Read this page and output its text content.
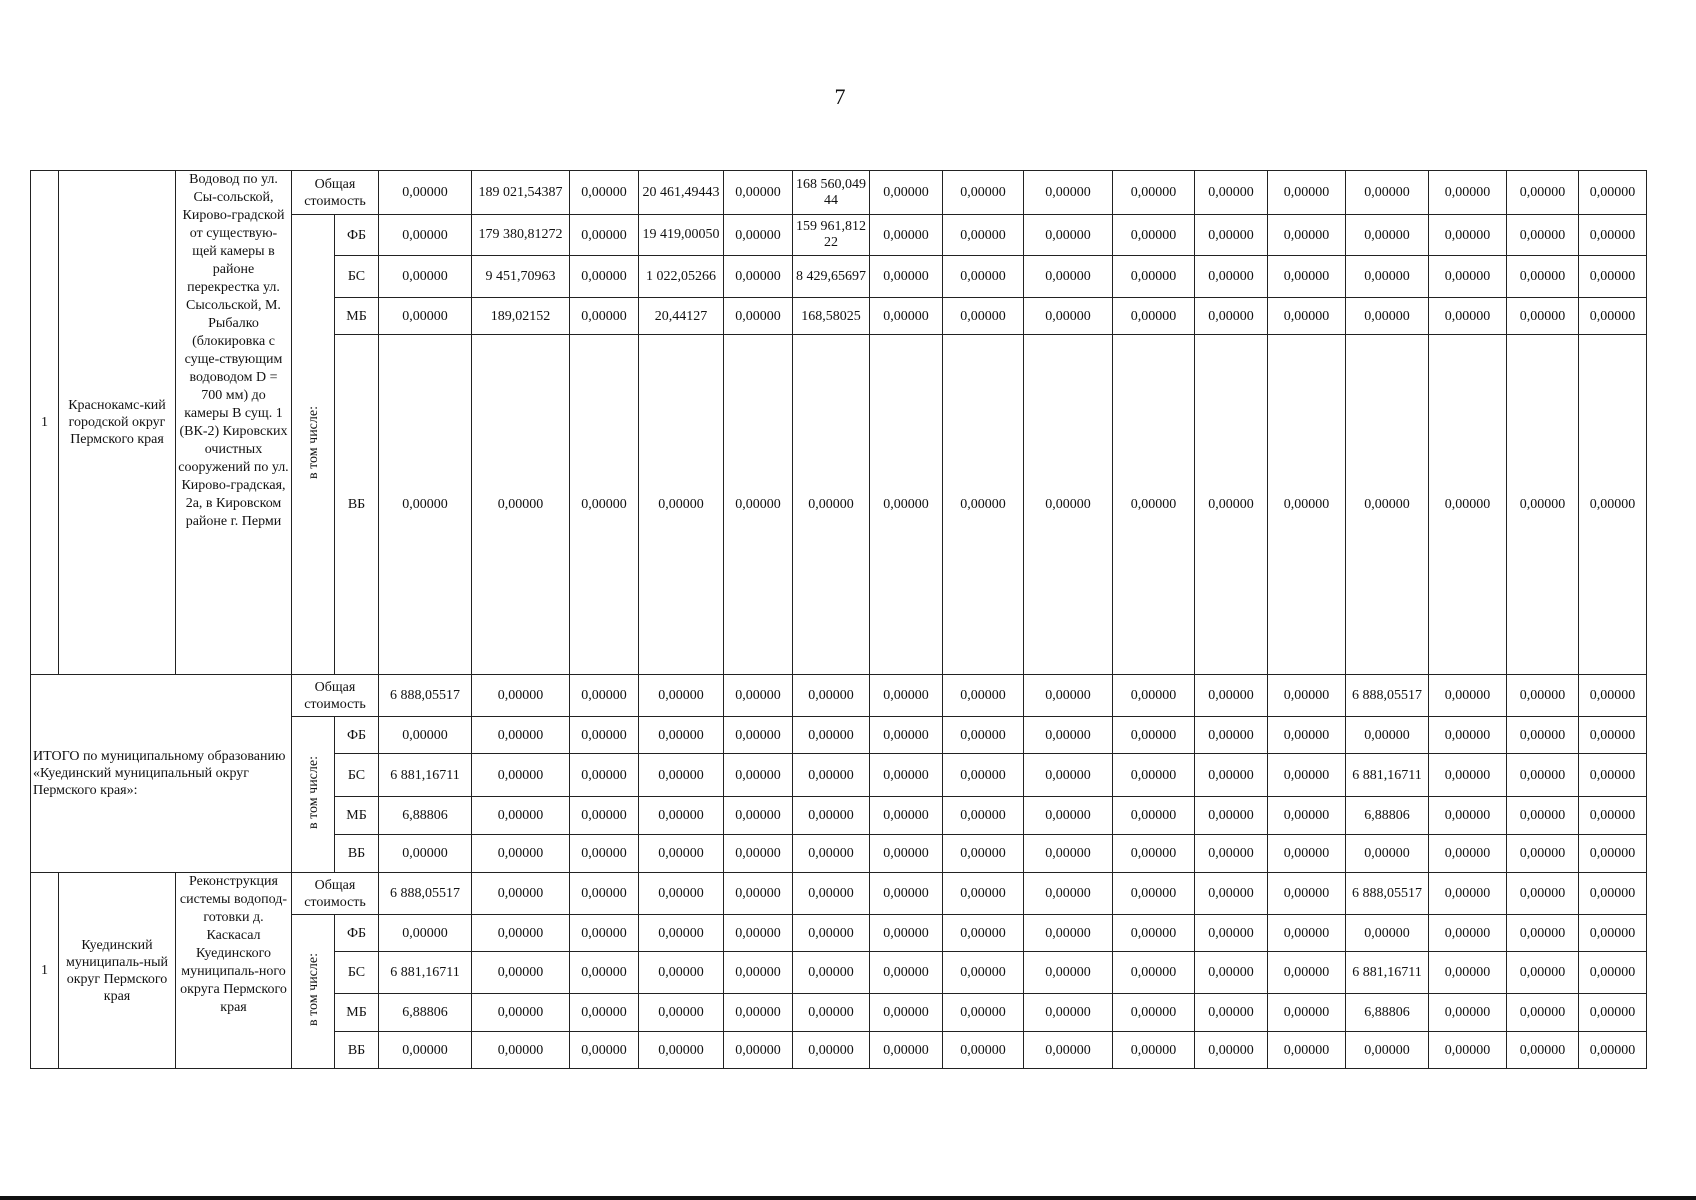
7
1	Краснокамс-кий городской округ Пермского края	Водовод по ул. Сы-сольской, Кирово-градской от существую-щей камеры в районе перекрестка ул. Сысольской, М. Рыбалко (блокировка с суще-ствующим водоводом D = 700 мм) до камеры В сущ. 1 (ВК-2) Кировских очистных сооружений по ул. Кирово-градская, 2а, в Кировском районе г. Перми	Общая стоимость		0,00000	189 021,54387	0,00000	20 461,49443	0,00000	168 560,04944	0,00000	0,00000	0,00000	0,00000	0,00000	0,00000	0,00000	0,00000	0,00000	0,00000
			в том числе:	ФБ	0,00000	179 380,81272	0,00000	19 419,00050	0,00000	159 961,81222	0,00000	0,00000	0,00000	0,00000	0,00000	0,00000	0,00000	0,00000	0,00000	0,00000
				БС	0,00000	9 451,70963	0,00000	1 022,05266	0,00000	8 429,65697	0,00000	0,00000	0,00000	0,00000	0,00000	0,00000	0,00000	0,00000	0,00000	0,00000
				МБ	0,00000	189,02152	0,00000	20,44127	0,00000	168,58025	0,00000	0,00000	0,00000	0,00000	0,00000	0,00000	0,00000	0,00000	0,00000	0,00000
				ВБ	0,00000	0,00000	0,00000	0,00000	0,00000	0,00000	0,00000	0,00000	0,00000	0,00000	0,00000	0,00000	0,00000	0,00000	0,00000	0,00000
ИТОГО по муниципальному образованию «Куединский муниципальный округ Пермского края»:			Общая стоимость		6 888,05517	0,00000	0,00000	0,00000	0,00000	0,00000	0,00000	0,00000	0,00000	0,00000	0,00000	0,00000	6 888,05517	0,00000	0,00000	0,00000
			в том числе:	ФБ	0,00000	0,00000	0,00000	0,00000	0,00000	0,00000	0,00000	0,00000	0,00000	0,00000	0,00000	0,00000	0,00000	0,00000	0,00000	0,00000
				БС	6 881,16711	0,00000	0,00000	0,00000	0,00000	0,00000	0,00000	0,00000	0,00000	0,00000	0,00000	0,00000	6 881,16711	0,00000	0,00000	0,00000
				МБ	6,88806	0,00000	0,00000	0,00000	0,00000	0,00000	0,00000	0,00000	0,00000	0,00000	0,00000	0,00000	6,88806	0,00000	0,00000	0,00000
				ВБ	0,00000	0,00000	0,00000	0,00000	0,00000	0,00000	0,00000	0,00000	0,00000	0,00000	0,00000	0,00000	0,00000	0,00000	0,00000	0,00000
1	Куединский муниципаль-ный округ Пермского края	Реконструкция системы водопод-готовки д. Каскасал Куединского муниципаль-ного округа Пермского края	Общая стоимость		6 888,05517	0,00000	0,00000	0,00000	0,00000	0,00000	0,00000	0,00000	0,00000	0,00000	0,00000	0,00000	6 888,05517	0,00000	0,00000	0,00000
			в том числе:	ФБ	0,00000	0,00000	0,00000	0,00000	0,00000	0,00000	0,00000	0,00000	0,00000	0,00000	0,00000	0,00000	0,00000	0,00000	0,00000	0,00000
				БС	6 881,16711	0,00000	0,00000	0,00000	0,00000	0,00000	0,00000	0,00000	0,00000	0,00000	0,00000	0,00000	6 881,16711	0,00000	0,00000	0,00000
				МБ	6,88806	0,00000	0,00000	0,00000	0,00000	0,00000	0,00000	0,00000	0,00000	0,00000	0,00000	0,00000	6,88806	0,00000	0,00000	0,00000
				ВБ	0,00000	0,00000	0,00000	0,00000	0,00000	0,00000	0,00000	0,00000	0,00000	0,00000	0,00000	0,00000	0,00000	0,00000	0,00000	0,00000
